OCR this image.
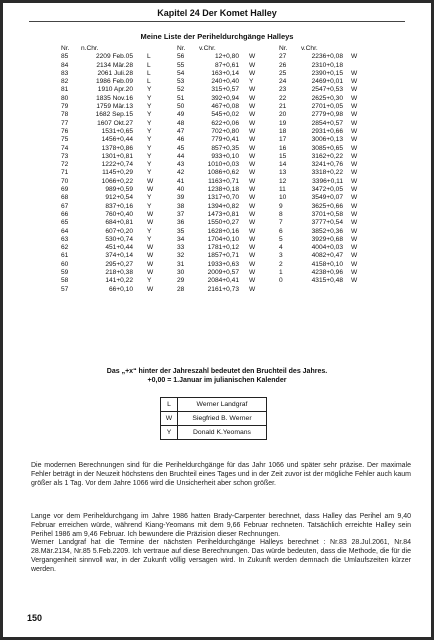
Kapitel 24 Der Komet Halley
Meine Liste der Periheldurchgänge Halleys
Nr.	n.Chr.		Nr.	v.Chr.		Nr.	v.Chr.	
85	2209 Feb.05	L	56	12+0,80	W	27	2236+0,08	W
84	2134 Mär.28	L	55	87+0,61	W	26	2310+0,18	
83	2061 Juli.28	L	54	163+0,14	W	25	2390+0,15	W
82	1986 Feb.09	L	53	240+0,40	Y	24	2469+0,01	W
81	1910 Apr.20	Y	52	315+0,57	W	23	2547+0,53	W
80	1835 Nov.16	Y	51	392+0,94	W	22	2625+0,30	W
79	1759 Mär.13	Y	50	467+0,08	W	21	2701+0,05	W
78	1682 Sep.15	Y	49	545+0,02	W	20	2779+0,98	W
77	1607 Okt.27	Y	48	622+0,06	W	19	2854+0,57	W
76	1531+0,65	Y	47	702+0,80	W	18	2931+0,66	W
75	1456+0,44	Y	46	779+0,41	W	17	3006+0,13	W
74	1378+0,86	Y	45	857+0,35	W	16	3085+0,65	W
73	1301+0,81	Y	44	933+0,10	W	15	3162+0,22	W
72	1222+0,74	Y	43	1010+0,03	W	14	3241+0,76	W
71	1145+0,29	Y	42	1086+0,62	W	13	3318+0,22	W
70	1066+0,22	W	41	1163+0,71	W	12	3396+0,11	W
69	989+0,59	W	40	1238+0,18	W	11	3472+0,05	W
68	912+0,54	Y	39	1317+0,70	W	10	3549+0,07	W
67	837+0,16	Y	38	1394+0,82	W	9	3625+0,66	W
66	760+0,40	W	37	1473+0,81	W	8	3701+0,58	W
65	684+0,81	W	36	1550+0,27	W	7	3777+0,54	W
64	607+0,20	Y	35	1628+0,16	W	6	3852+0,36	W
63	530+0,74	Y	34	1704+0,10	W	5	3929+0,68	W
62	451+0,44	W	33	1781+0,12	W	4	4004+0,03	W
61	374+0,14	W	32	1857+0,71	W	3	4082+0,47	W
60	295+0,27	W	31	1933+0,63	W	2	4158+0,10	W
59	218+0,38	W	30	2009+0,57	W	1	4238+0,96	W
58	141+0,22	Y	29	2084+0,41	W	0	4315+0,48	W
57	66+0,10	W	28	2161+0,73	W			
Das „+x“ hinter der Jahreszahl bedeutet den Bruchteil des Jahres.
+0,00 = 1.Januar im julianischen Kalender
L	Werner Landgraf
W	Siegfried B. Werner
Y	Donald K.Yeomans
Die modernen Berechnungen sind für die Periheldurchgänge für das Jahr 1066 und später sehr präzise. Der maximale Fehler beträgt in der Neuzeit höchstens den Bruchteil eines Tages und in der Zeit zuvor ist der mögliche Fehler auch kaum größer als 1 Tag. Vor dem Jahre 1066 wird die Unsicherheit aber schon größer.
Lange vor dem Periheldurchgang im Jahre 1986 hatten Brady-Carpenter berechnet, dass Halley das Perihel am 9,40 Februar erreichen würde, während Kiang-Yeomans mit dem 9,66 Februar rechneten. Tatsächlich erreichte Halley sein Perihel 1986 am 9,46 Februar. Ich bewundere die Präzision dieser Rechnungen.
Werner Landgraf hat die Termine der nächsten Periheldurchgänge Halleys berechnet : Nr.83 28.Jul.2061, Nr.84 28.Mär.2134, Nr.85 5.Feb.2209. Ich vertraue auf diese Berechnungen. Das würde bedeuten, dass die Methode, die für die Vergangenheit sinnvoll war, in der Zukunft völlig versagen wird. In Zukunft werden demnach die Umlaufszeiten kürzer werden.
150
